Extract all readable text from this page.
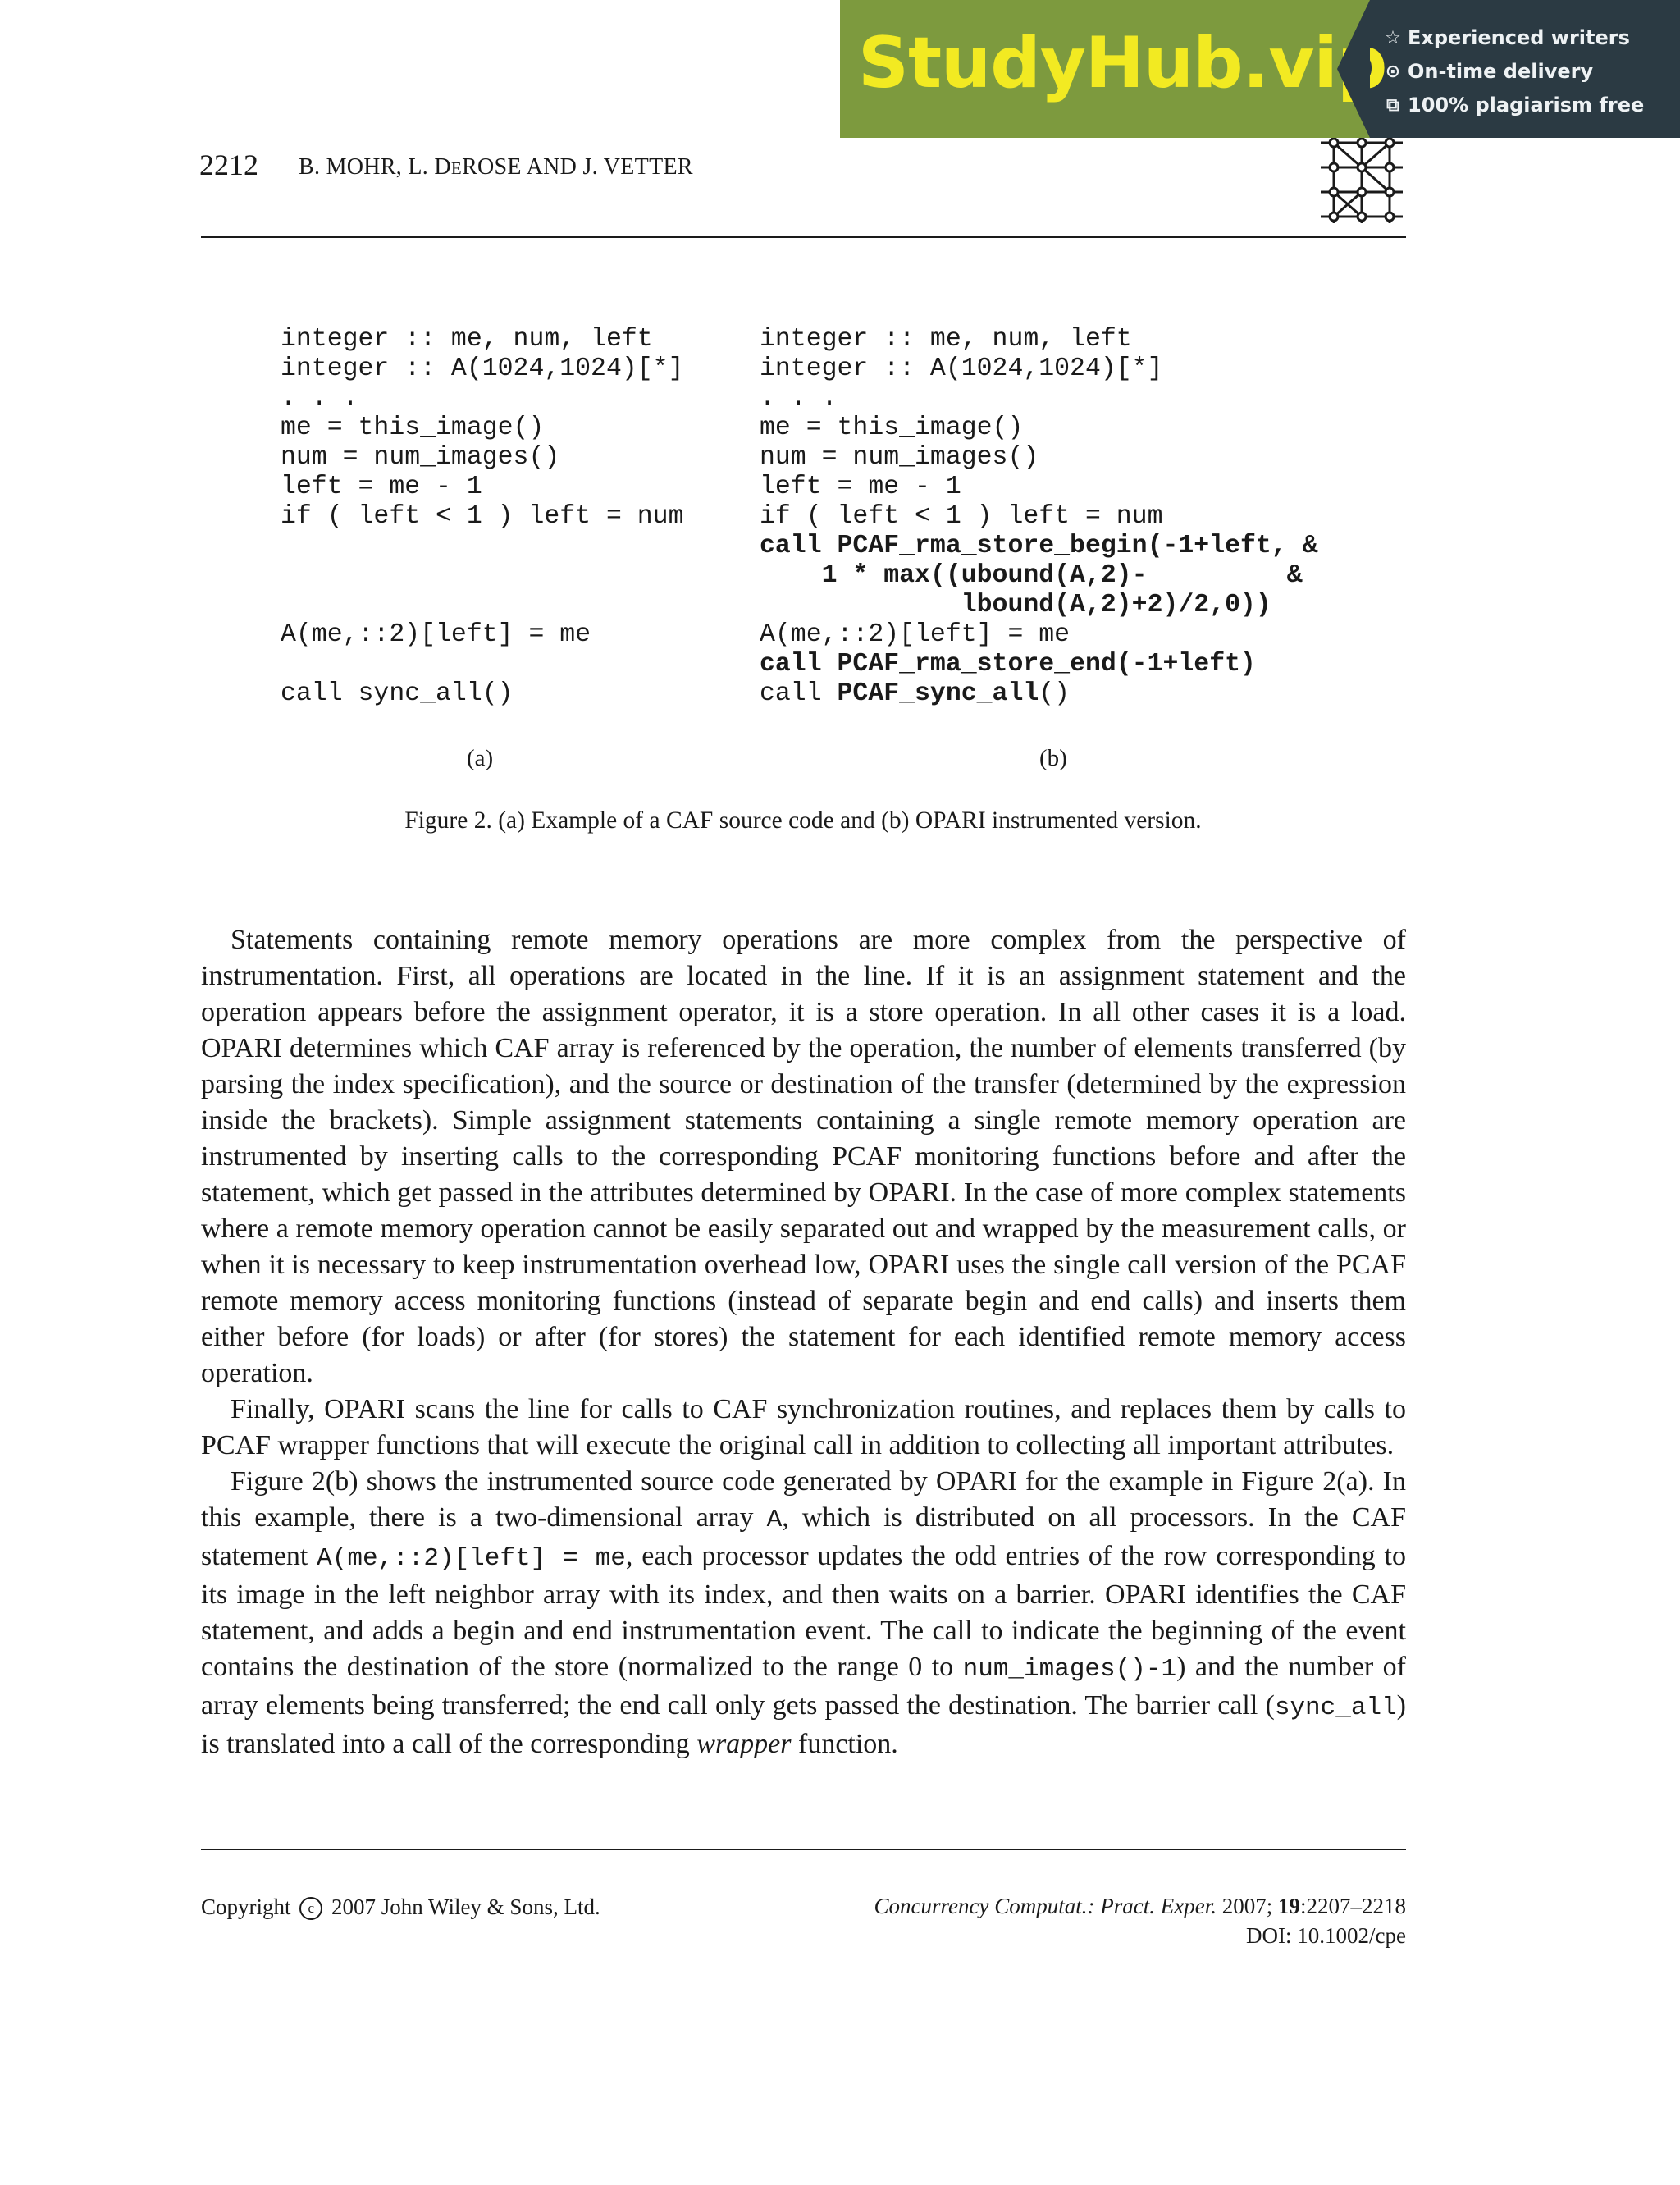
StudyHub.vip
☆ Experienced writers
⊙ On-time delivery
⧉ 100% plagiarism free
2212 B. MOHR, L. DEROSE AND J. VETTER
integer :: me, num, left
integer :: A(1024,1024)[*]
. . .
me = this_image()
num = num_images()
left = me - 1
if ( left < 1 ) left = num
A(me,::2)[left] = me
call sync_all()
integer :: me, num, left
integer :: A(1024,1024)[*]
. . .
me = this_image()
num = num_images()
left = me - 1
if ( left < 1 ) left = num
call PCAF_rma_store_begin(-1+left, &
1 * max((ubound(A,2)-         &
lbound(A,2)+2)/2,0))
A(me,::2)[left] = me
call PCAF_rma_store_end(-1+left)
call PCAF_sync_all()
(a)	(b)
Figure 2. (a) Example of a CAF source code and (b) OPARI instrumented version.

Statements containing remote memory operations are more complex from the perspective of instrumentation. First, all operations are located in the line. If it is an assignment statement and the operation appears before the assignment operator, it is a store operation. In all other cases it is a load. OPARI determines which CAF array is referenced by the operation, the number of elements transferred (by parsing the index specification), and the source or destination of the transfer (determined by the expression inside the brackets). Simple assignment statements containing a single remote memory operation are instrumented by inserting calls to the corresponding PCAF monitoring functions before and after the statement, which get passed in the attributes determined by OPARI. In the case of more complex statements where a remote memory operation cannot be easily separated out and wrapped by the measurement calls, or when it is necessary to keep instrumentation overhead low, OPARI uses the single call version of the PCAF remote memory access monitoring functions (instead of separate begin and end calls) and inserts them either before (for loads) or after (for stores) the statement for each identified remote memory access operation.

Finally, OPARI scans the line for calls to CAF synchronization routines, and replaces them by calls to PCAF wrapper functions that will execute the original call in addition to collecting all important attributes.

Figure 2(b) shows the instrumented source code generated by OPARI for the example in Figure 2(a). In this example, there is a two-dimensional array A, which is distributed on all processors. In the CAF statement A(me,::2)[left] = me, each processor updates the odd entries of the row corresponding to its image in the left neighbor array with its index, and then waits on a barrier. OPARI identifies the CAF statement, and adds a begin and end instrumentation event. The call to indicate the beginning of the event contains the destination of the store (normalized to the range 0 to num_images()-1) and the number of array elements being transferred; the end call only gets passed the destination. The barrier call (sync_all) is translated into a call of the corresponding wrapper function.

Copyright c 2007 John Wiley & Sons, Ltd.	Concurrency Computat.: Pract. Exper. 2007; 19:2207–2218
DOI: 10.1002/cpe
